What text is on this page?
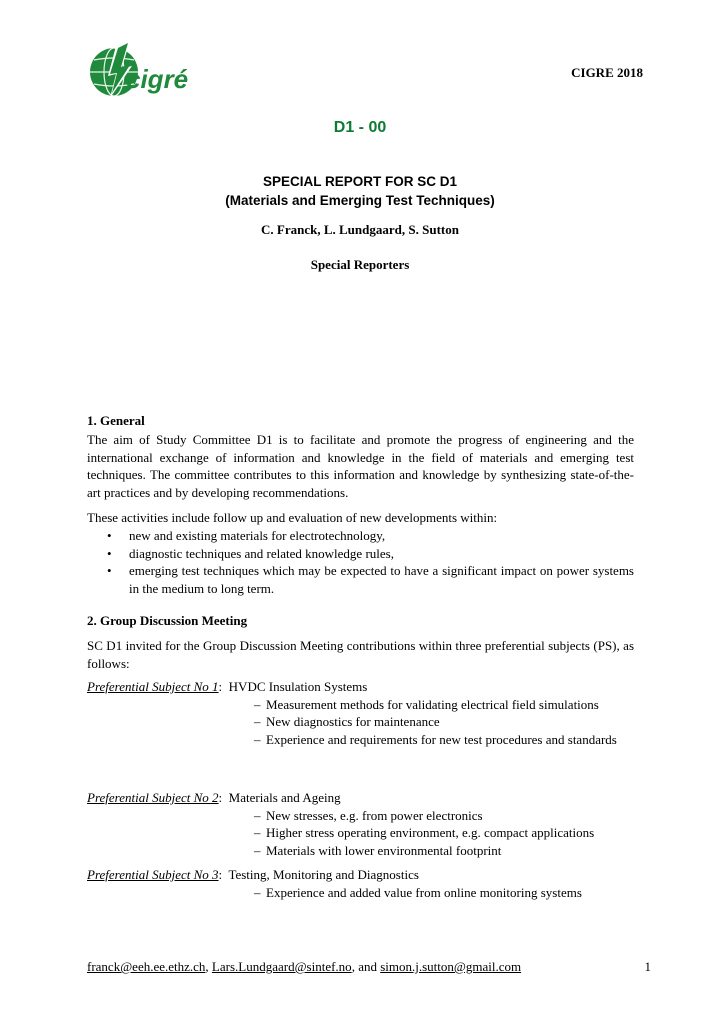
cigré	CIGRE 2018
D1 - 00
SPECIAL REPORT FOR SC D1
(Materials and Emerging Test Techniques)
C. Franck, L. Lundgaard, S. Sutton
Special Reporters
1. General

The aim of Study Committee D1 is to facilitate and promote the progress of engineering and the international exchange of information and knowledge in the field of materials and emerging test techniques. The committee contributes to this information and knowledge by synthesizing state-of-the-art practices and by developing recommendations.

These activities include follow up and evaluation of new developments within:

• new and existing materials for electrotechnology,
• diagnostic techniques and related knowledge rules,
• emerging test techniques which may be expected to have a significant impact on power systems in the medium to long term.
2. Group Discussion Meeting

SC D1 invited for the Group Discussion Meeting contributions within three preferential subjects (PS), as follows:

Preferential Subject No 1:  HVDC Insulation Systems
– Measurement methods for validating electrical field simulations
– New diagnostics for maintenance
– Experience and requirements for new test procedures and standards
Preferential Subject No 2:  Materials and Ageing
– New stresses, e.g. from power electronics
– Higher stress operating environment, e.g. compact applications
– Materials with lower environmental footprint
Preferential Subject No 3:  Testing, Monitoring and Diagnostics
– Experience and added value from online monitoring systems
franck@eeh.ee.ethz.ch, Lars.Lundgaard@sintef.no, and simon.j.sutton@gmail.com	1
